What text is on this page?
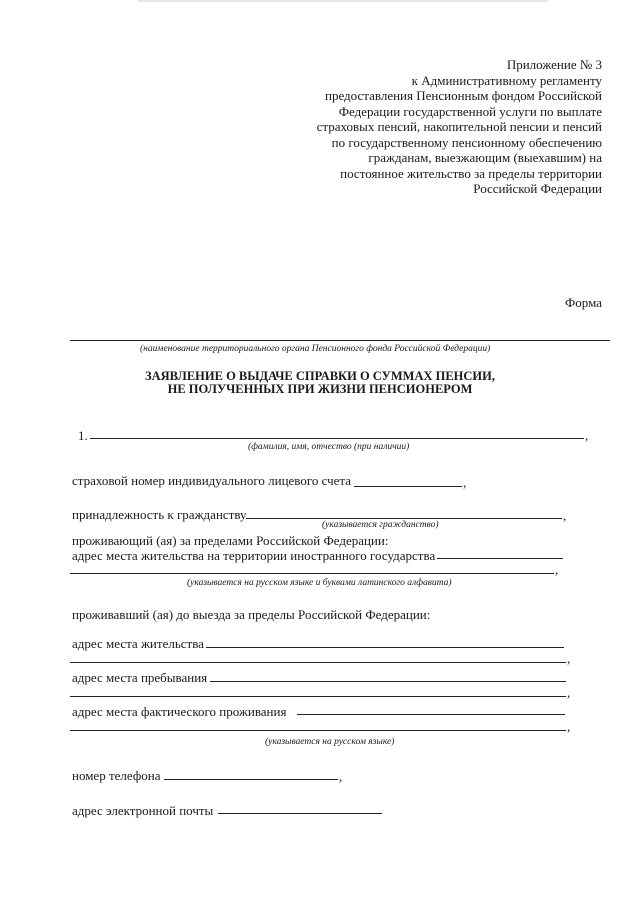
Приложение № 3
к Административному регламенту
предоставления Пенсионным фондом Российской
Федерации государственной услуги по выплате
страховых пенсий, накопительной пенсии и пенсий
по государственному пенсионному обеспечению
гражданам, выезжающим (выехавшим) на
постоянное жительство за пределы территории
Российской Федерации
Форма
(наименование территориального органа Пенсионного фонда Российской Федерации)
ЗАЯВЛЕНИЕ О ВЫДАЧЕ СПРАВКИ О СУММАХ ПЕНСИИ,
НЕ ПОЛУЧЕННЫХ ПРИ ЖИЗНИ ПЕНСИОНЕРОМ
1.	,
(фамилия, имя, отчество (при наличии)
страховой номер индивидуального лицевого счета	,
принадлежность к гражданству	,
(указывается гражданство)
проживающий (ая) за пределами Российской Федерации:
адрес места жительства на территории иностранного государства
,
(указывается на русском языке и буквами латинского алфавита)
проживавший (ая) до выезда за пределы Российской Федерации:
адрес места жительства
,
адрес места пребывания
,
адрес места фактического проживания
,
(указывается на русском языке)
номер телефона	,
адрес электронной почты
